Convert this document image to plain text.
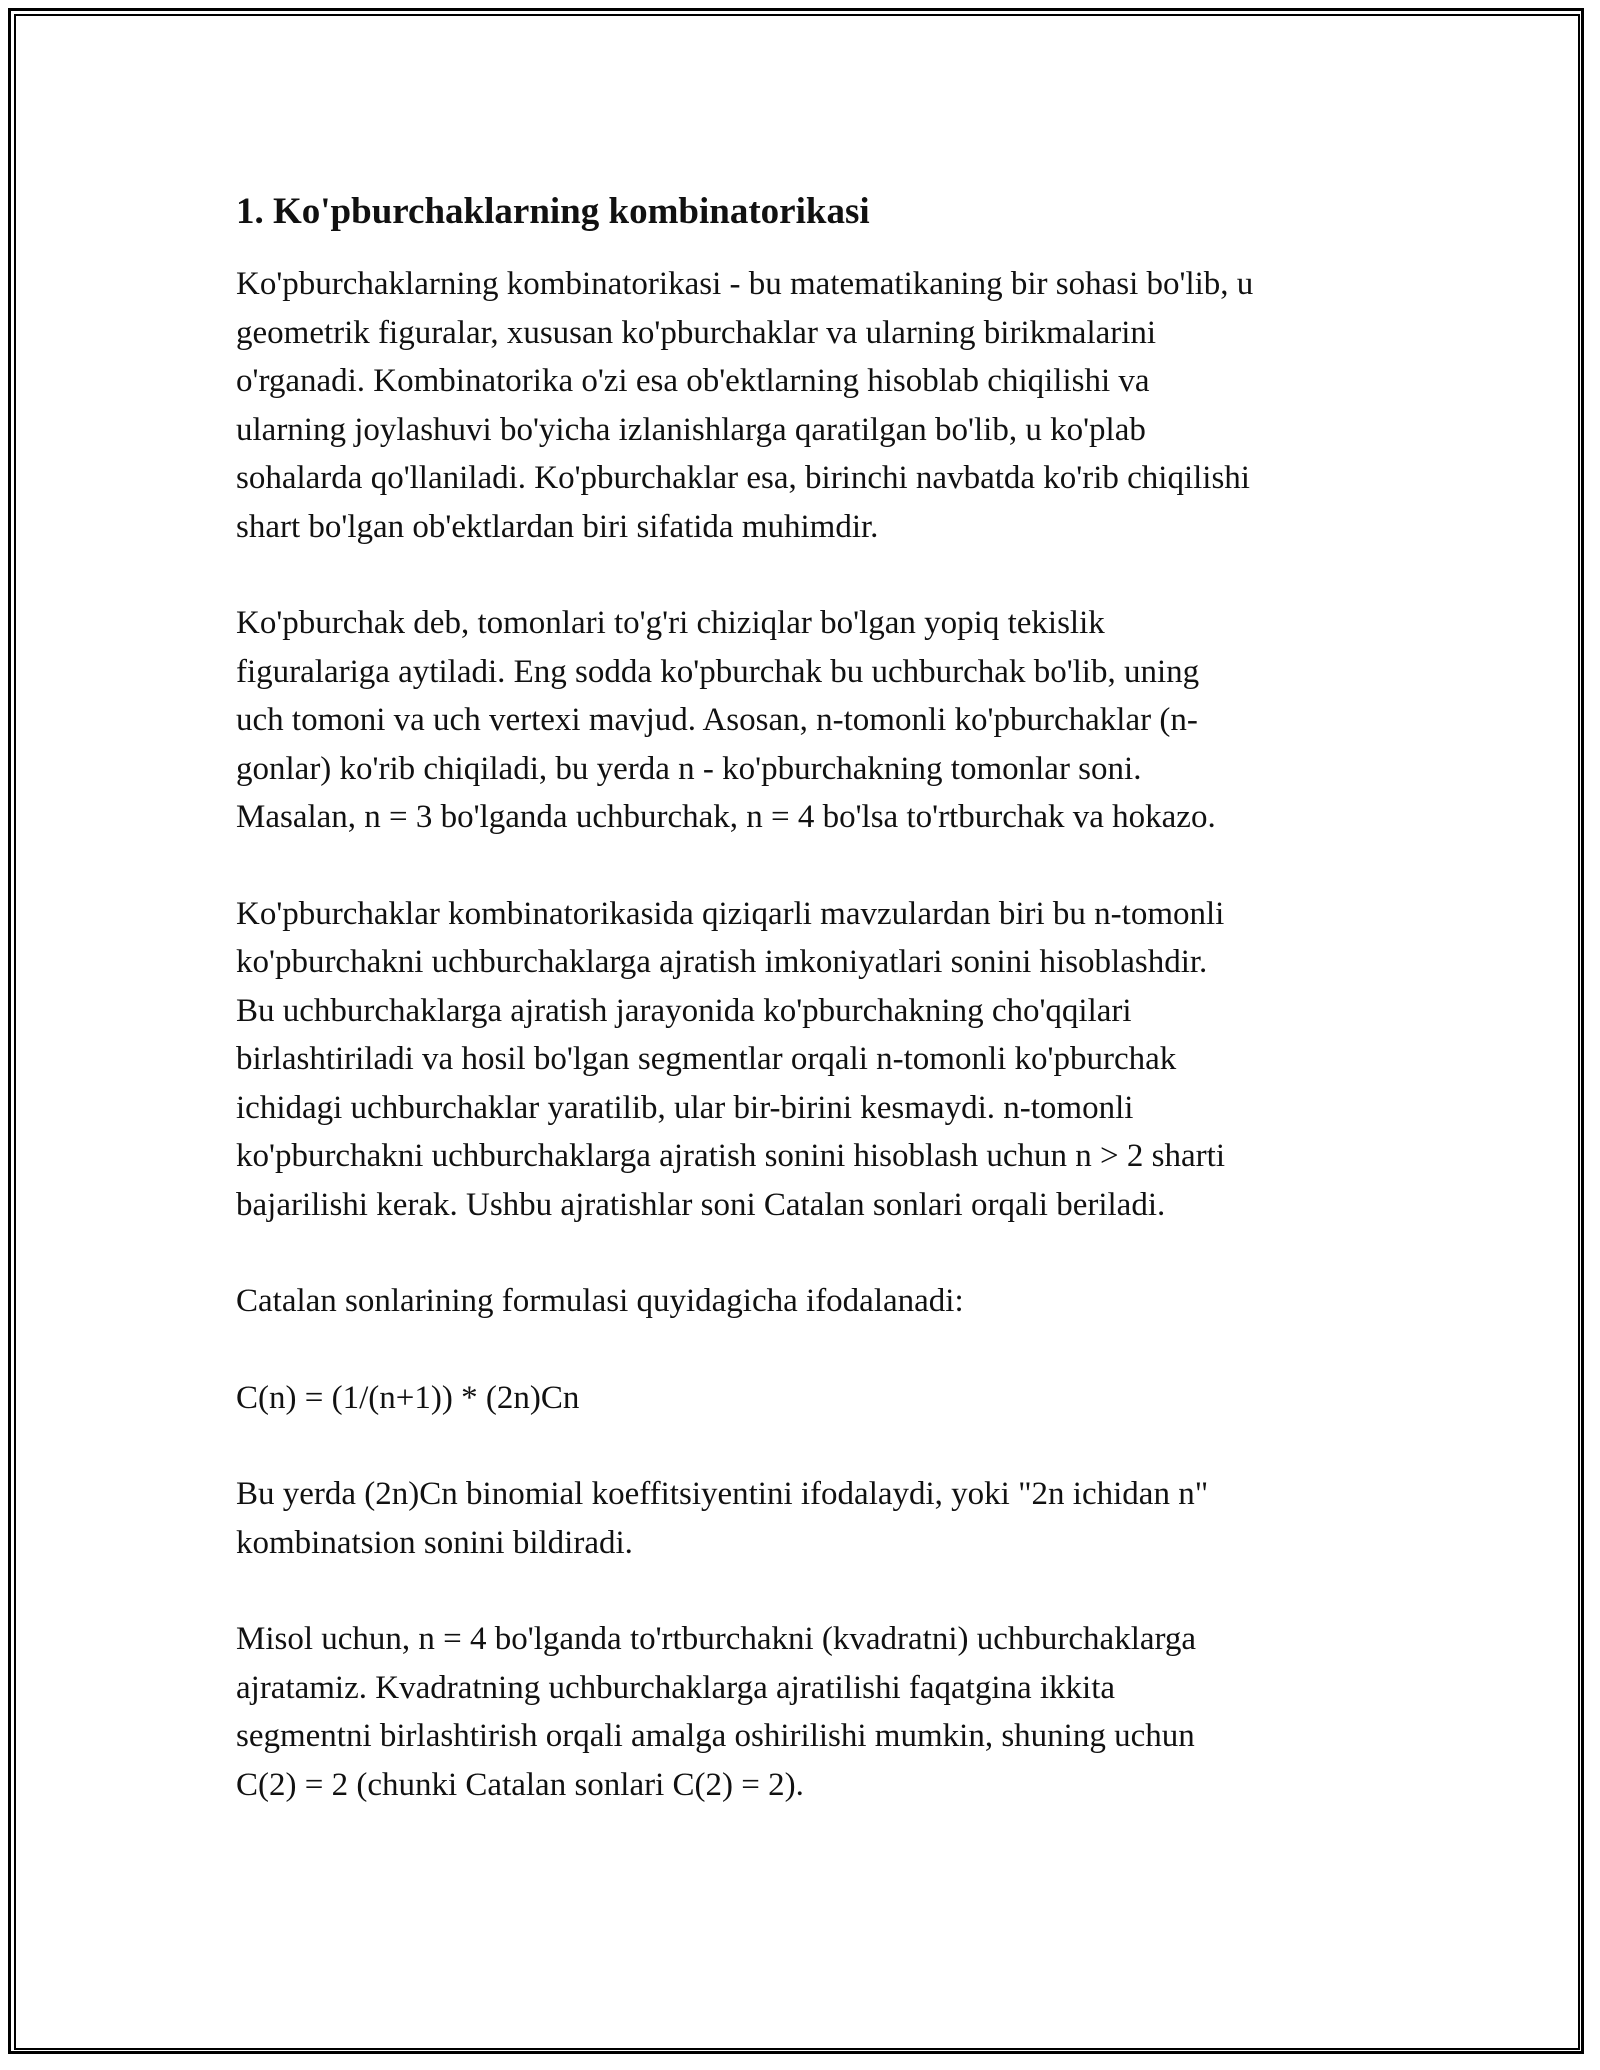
1. Ko'pburchaklarning kombinatorikasi

Ko'pburchaklarning kombinatorikasi - bu matematikaning bir sohasi bo'lib, u
geometrik figuralar, xususan ko'pburchaklar va ularning birikmalarini
o'rganadi. Kombinatorika o'zi esa ob'ektlarning hisoblab chiqilishi va
ularning joylashuvi bo'yicha izlanishlarga qaratilgan bo'lib, u ko'plab
sohalarda qo'llaniladi. Ko'pburchaklar esa, birinchi navbatda ko'rib chiqilishi
shart bo'lgan ob'ektlardan biri sifatida muhimdir.

Ko'pburchak deb, tomonlari to'g'ri chiziqlar bo'lgan yopiq tekislik
figuralariga aytiladi. Eng sodda ko'pburchak bu uchburchak bo'lib, uning
uch tomoni va uch vertexi mavjud. Asosan, n-tomonli ko'pburchaklar (n-
gonlar) ko'rib chiqiladi, bu yerda n - ko'pburchakning tomonlar soni.
Masalan, n = 3 bo'lganda uchburchak, n = 4 bo'lsa to'rtburchak va hokazo.

Ko'pburchaklar kombinatorikasida qiziqarli mavzulardan biri bu n-tomonli
ko'pburchakni uchburchaklarga ajratish imkoniyatlari sonini hisoblashdir.
Bu uchburchaklarga ajratish jarayonida ko'pburchakning cho'qqilari
birlashtiriladi va hosil bo'lgan segmentlar orqali n-tomonli ko'pburchak
ichidagi uchburchaklar yaratilib, ular bir-birini kesmaydi. n-tomonli
ko'pburchakni uchburchaklarga ajratish sonini hisoblash uchun n > 2 sharti
bajarilishi kerak. Ushbu ajratishlar soni Catalan sonlari orqali beriladi.

Catalan sonlarining formulasi quyidagicha ifodalanadi:

C(n) = (1/(n+1)) * (2n)Cn

Bu yerda (2n)Cn binomial koeffitsiyentini ifodalaydi, yoki "2n ichidan n"
kombinatsion sonini bildiradi.

Misol uchun, n = 4 bo'lganda to'rtburchakni (kvadratni) uchburchaklarga
ajratamiz. Kvadratning uchburchaklarga ajratilishi faqatgina ikkita
segmentni birlashtirish orqali amalga oshirilishi mumkin, shuning uchun
C(2) = 2 (chunki Catalan sonlari C(2) = 2).
